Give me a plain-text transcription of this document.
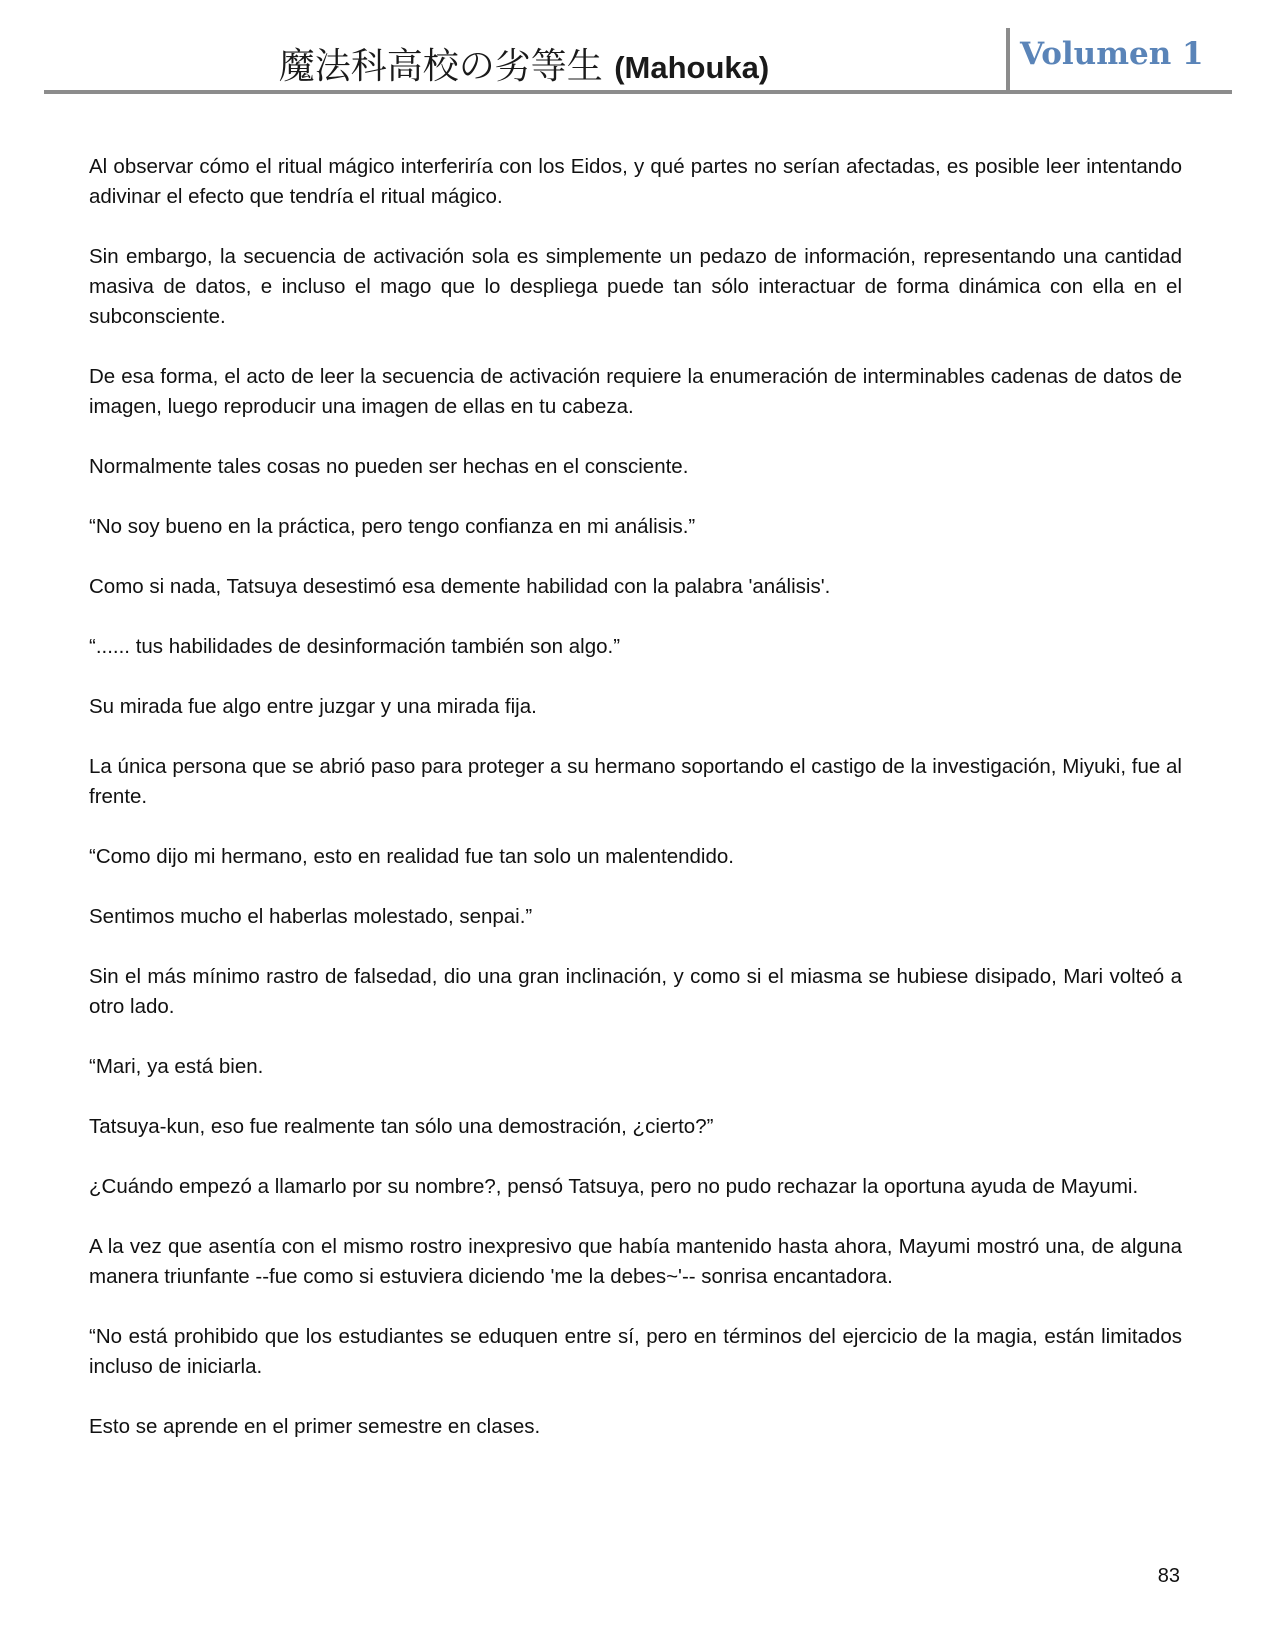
魔法科高校の劣等生 (Mahouka)	Volumen 1

Al observar cómo el ritual mágico interferiría con los Eidos, y qué partes no serían afectadas, es posible leer intentando adivinar el efecto que tendría el ritual mágico.

Sin embargo, la secuencia de activación sola es simplemente un pedazo de información, representando una cantidad masiva de datos, e incluso el mago que lo despliega puede tan sólo interactuar de forma dinámica con ella en el subconsciente.

De esa forma, el acto de leer la secuencia de activación requiere la enumeración de interminables cadenas de datos de imagen, luego reproducir una imagen de ellas en tu cabeza.

Normalmente tales cosas no pueden ser hechas en el consciente.

“No soy bueno en la práctica, pero tengo confianza en mi análisis.”

Como si nada, Tatsuya desestimó esa demente habilidad con la palabra 'análisis'.

“...... tus habilidades de desinformación también son algo.”

Su mirada fue algo entre juzgar y una mirada fija.

La única persona que se abrió paso para proteger a su hermano soportando el castigo de la investigación, Miyuki, fue al frente.

“Como dijo mi hermano, esto en realidad fue tan solo un malentendido.

Sentimos mucho el haberlas molestado, senpai.”

Sin el más mínimo rastro de falsedad, dio una gran inclinación, y como si el miasma se hubiese disipado, Mari volteó a otro lado.

“Mari, ya está bien.

Tatsuya-kun, eso fue realmente tan sólo una demostración, ¿cierto?”

¿Cuándo empezó a llamarlo por su nombre?, pensó Tatsuya, pero no pudo rechazar la oportuna ayuda de Mayumi.

A la vez que asentía con el mismo rostro inexpresivo que había mantenido hasta ahora, Mayumi mostró una, de alguna manera triunfante --fue como si estuviera diciendo 'me la debes~'-- sonrisa encantadora.

“No está prohibido que los estudiantes se eduquen entre sí, pero en términos del ejercicio de la magia, están limitados incluso de iniciarla.

Esto se aprende en el primer semestre en clases.

83
